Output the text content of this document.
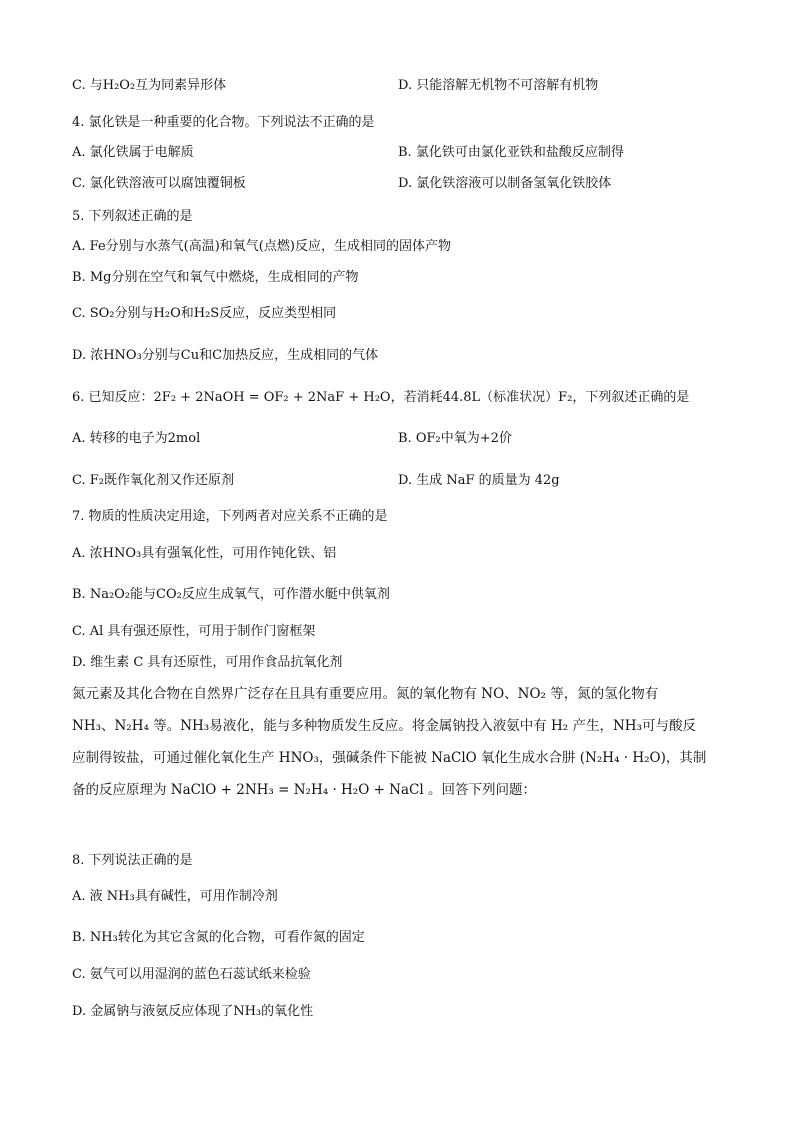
C. 与H₂O₂互为同素异形体	D. 只能溶解无机物不可溶解有机物
4. 氯化铁是一种重要的化合物。下列说法不正确的是
A. 氯化铁属于电解质	B. 氯化铁可由氯化亚铁和盐酸反应制得
C. 氯化铁溶液可以腐蚀覆铜板	D. 氯化铁溶液可以制备氢氧化铁胶体
5. 下列叙述正确的是
A. Fe分别与水蒸气(高温)和氧气(点燃)反应，生成相同的固体产物
B. Mg分别在空气和氧气中燃烧，生成相同的产物
C. SO₂分别与H₂O和H₂S反应，反应类型相同
D. 浓HNO₃分别与Cu和C加热反应，生成相同的气体
6. 已知反应：2F₂ + 2NaOH = OF₂ + 2NaF + H₂O，若消耗44.8L（标准状况）F₂，下列叙述正确的是
A. 转移的电子为2mol	B. OF₂中氧为+2价
C. F₂既作氧化剂又作还原剂	D. 生成 NaF 的质量为 42g
7. 物质的性质决定用途，下列两者对应关系不正确的是
A. 浓HNO₃具有强氧化性，可用作钝化铁、铝
B. Na₂O₂能与CO₂反应生成氧气，可作潜水艇中供氧剂
C. Al 具有强还原性，可用于制作门窗框架
D. 维生素 C 具有还原性，可用作食品抗氧化剂
氮元素及其化合物在自然界广泛存在且具有重要应用。氮的氧化物有 NO、NO₂ 等，氮的氢化物有
NH₃、N₂H₄ 等。NH₃易液化，能与多种物质发生反应。将金属钠投入液氨中有 H₂ 产生，NH₃可与酸反
应制得铵盐，可通过催化氧化生产 HNO₃，强碱条件下能被 NaClO 氧化生成水合肼 (N₂H₄ · H₂O)，其制
备的反应原理为 NaClO + 2NH₃ = N₂H₄ · H₂O + NaCl 。回答下列问题：
8. 下列说法正确的是
A. 液 NH₃具有碱性，可用作制冷剂
B. NH₃转化为其它含氮的化合物，可看作氮的固定
C. 氨气可以用湿润的蓝色石蕊试纸来检验
D. 金属钠与液氨反应体现了NH₃的氧化性
